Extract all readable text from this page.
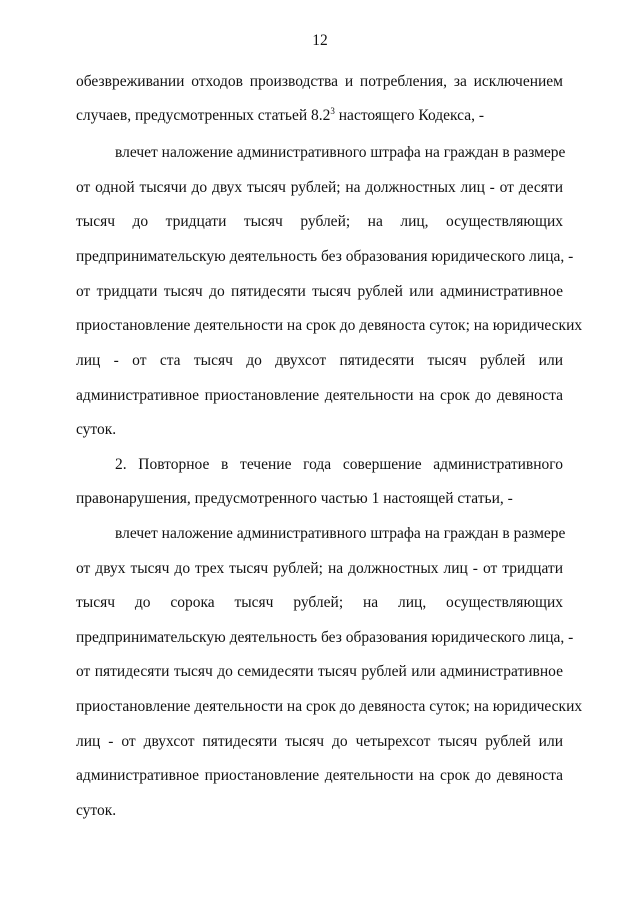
12
обезвреживании отходов производства и потребления, за исключением
случаев, предусмотренных статьей $8.2^3$ настоящего Кодекса, -
влечет наложение административного штрафа на граждан в размере
от одной тысячи до двух тысяч рублей; на должностных лиц - от десяти
тысяч до тридцати тысяч рублей; на лиц, осуществляющих
предпринимательскую деятельность без образования юридического лица, -
от тридцати тысяч до пятидесяти тысяч рублей или административное
приостановление деятельности на срок до девяноста суток; на юридических
лиц - от ста тысяч до двухсот пятидесяти тысяч рублей или
административное приостановление деятельности на срок до девяноста
суток.
2. Повторное в течение года совершение административного
правонарушения, предусмотренного частью 1 настоящей статьи, -
влечет наложение административного штрафа на граждан в размере
от двух тысяч до трех тысяч рублей; на должностных лиц - от тридцати
тысяч до сорока тысяч рублей; на лиц, осуществляющих
предпринимательскую деятельность без образования юридического лица, -
от пятидесяти тысяч до семидесяти тысяч рублей или административное
приостановление деятельности на срок до девяноста суток; на юридических
лиц - от двухсот пятидесяти тысяч до четырехсот тысяч рублей или
административное приостановление деятельности на срок до девяноста
суток.
